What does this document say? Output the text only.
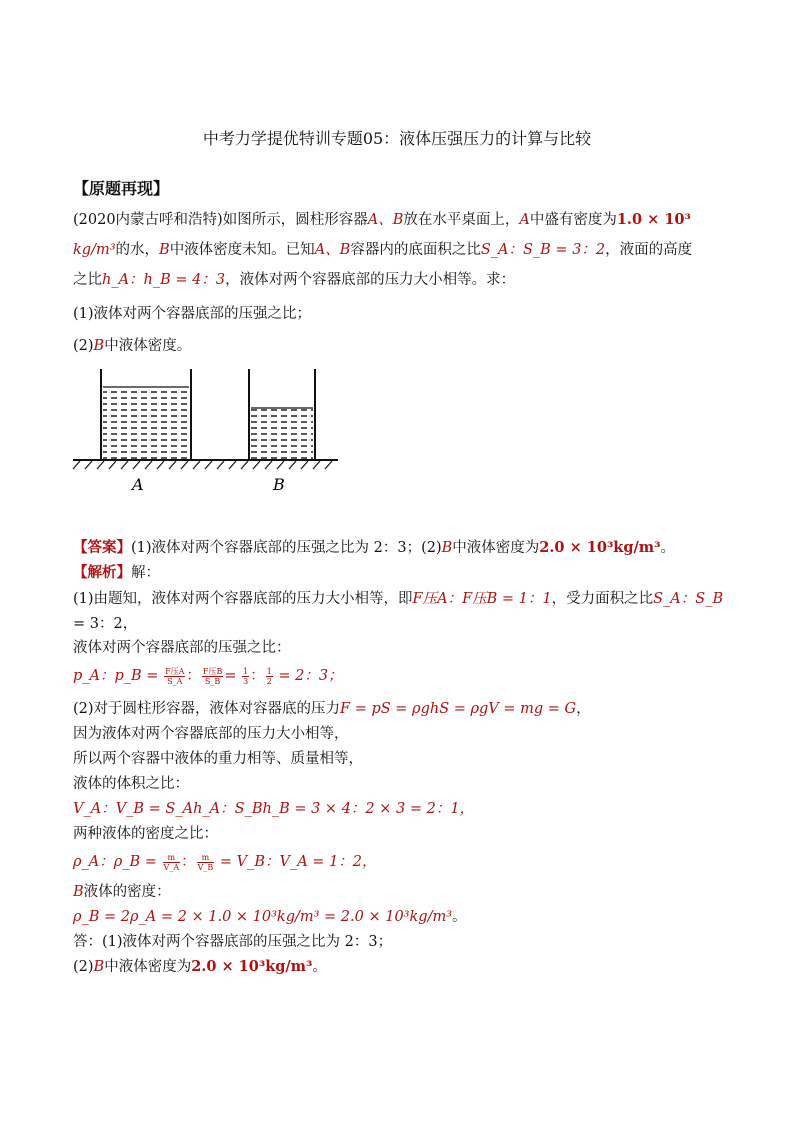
中考力学提优特训专题05：液体压强压力的计算与比较
【原题再现】
(2020内蒙古呼和浩特)如图所示，圆柱形容器A、B放在水平桌面上，A中盛有密度为1.0 × 10³
kg/m³的水，B中液体密度未知。已知A、B容器内的底面积之比S_A：S_B = 3：2，液面的高度
之比h_A：h_B = 4：3，液体对两个容器底部的压力大小相等。求：
(1)液体对两个容器底部的压强之比；
(2)B中液体密度。
A	B
【答案】(1)液体对两个容器底部的压强之比为 2：3；(2)B中液体密度为2.0 × 10³kg/m³。
【解析】解：
(1)由题知，液体对两个容器底部的压力大小相等，即F压A：F压B = 1：1，受力面积之比S_A：S_B
= 3：2，
液体对两个容器底部的压强之比：
p_A：p_B = $\frac{\text{F压A}}{S\_A}$ ： $\frac{\text{F压B}}{S\_B} = \frac{1}{3}$ ： $\frac{1}{2} = 2$：3；
(2)对于圆柱形容器，液体对容器底的压力F = pS = ρghS = ρgV = mg = G，
因为液体对两个容器底部的压力大小相等，
所以两个容器中液体的重力相等、质量相等，
液体的体积之比：
V_A：V_B = S_Ah_A：S_Bh_B = 3 × 4：2 × 3 = 2：1，
两种液体的密度之比：
ρ_A：ρ_B = $\frac{m}{V\_A}$ ： $\frac{m}{V\_B}$ = V_B：V_A = 1：2，
B液体的密度：
ρ_B = 2ρ_A = 2 × 1.0 × 10³kg/m³ = 2.0 × 10³kg/m³。
答：(1)液体对两个容器底部的压强之比为 2：3；
(2)B中液体密度为2.0 × 10³kg/m³。
